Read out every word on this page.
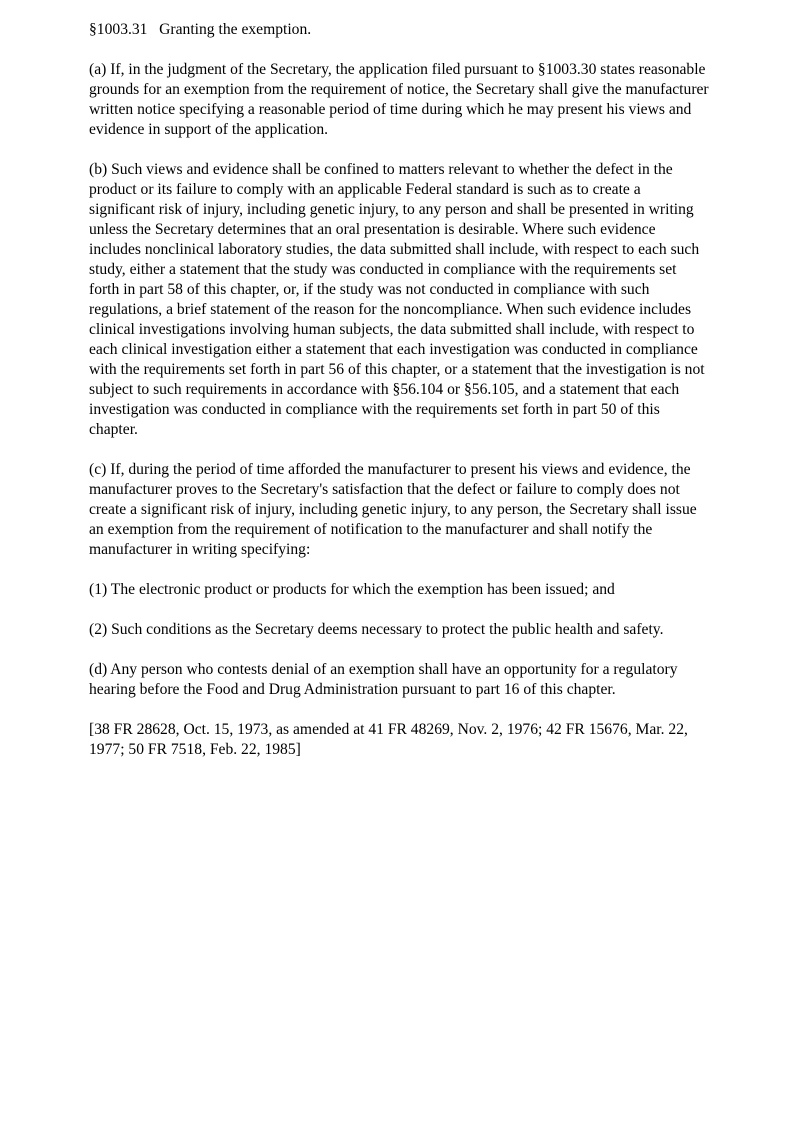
§1003.31   Granting the exemption.

(a) If, in the judgment of the Secretary, the application filed pursuant to §1003.30 states reasonable grounds for an exemption from the requirement of notice, the Secretary shall give the manufacturer written notice specifying a reasonable period of time during which he may present his views and evidence in support of the application.

(b) Such views and evidence shall be confined to matters relevant to whether the defect in the product or its failure to comply with an applicable Federal standard is such as to create a significant risk of injury, including genetic injury, to any person and shall be presented in writing unless the Secretary determines that an oral presentation is desirable. Where such evidence includes nonclinical laboratory studies, the data submitted shall include, with respect to each such study, either a statement that the study was conducted in compliance with the requirements set forth in part 58 of this chapter, or, if the study was not conducted in compliance with such regulations, a brief statement of the reason for the noncompliance. When such evidence includes clinical investigations involving human subjects, the data submitted shall include, with respect to each clinical investigation either a statement that each investigation was conducted in compliance with the requirements set forth in part 56 of this chapter, or a statement that the investigation is not subject to such requirements in accordance with §56.104 or §56.105, and a statement that each investigation was conducted in compliance with the requirements set forth in part 50 of this chapter.

(c) If, during the period of time afforded the manufacturer to present his views and evidence, the manufacturer proves to the Secretary's satisfaction that the defect or failure to comply does not create a significant risk of injury, including genetic injury, to any person, the Secretary shall issue an exemption from the requirement of notification to the manufacturer and shall notify the manufacturer in writing specifying:

(1) The electronic product or products for which the exemption has been issued; and

(2) Such conditions as the Secretary deems necessary to protect the public health and safety.

(d) Any person who contests denial of an exemption shall have an opportunity for a regulatory hearing before the Food and Drug Administration pursuant to part 16 of this chapter.

[38 FR 28628, Oct. 15, 1973, as amended at 41 FR 48269, Nov. 2, 1976; 42 FR 15676, Mar. 22, 1977; 50 FR 7518, Feb. 22, 1985]
